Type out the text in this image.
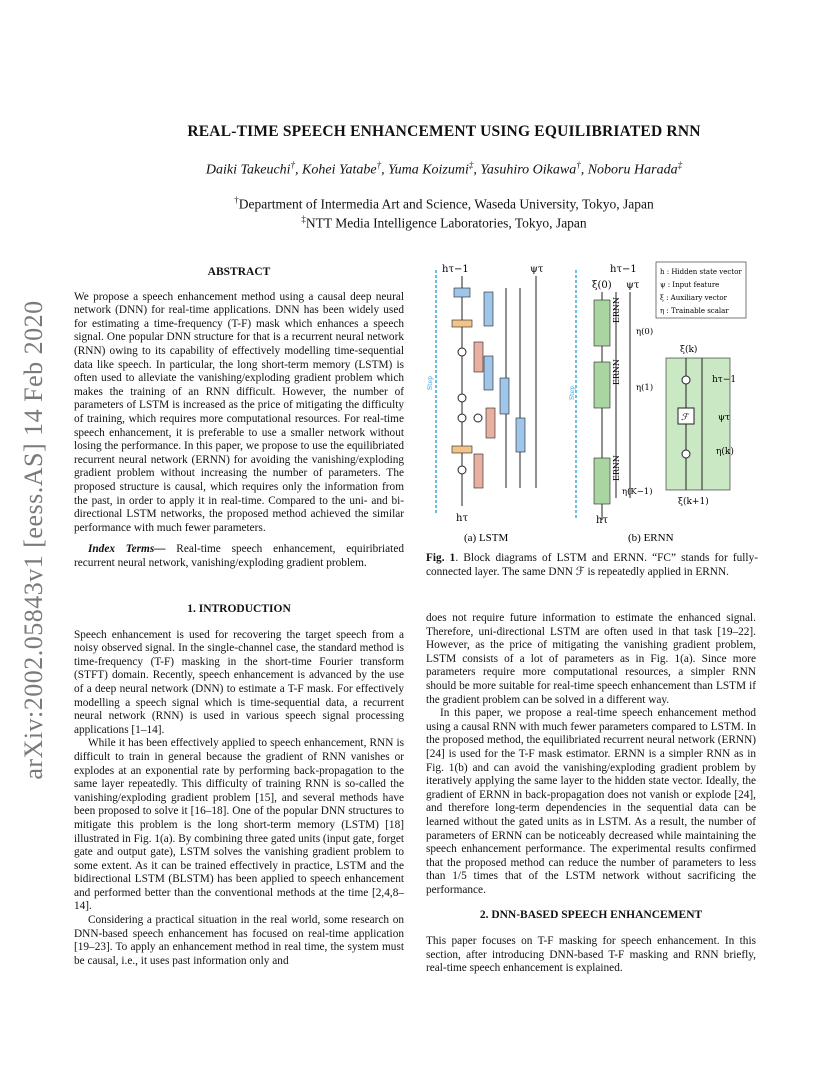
arXiv:2002.05843v1 [eess.AS] 14 Feb 2020
REAL-TIME SPEECH ENHANCEMENT USING EQUILIBRIATED RNN
Daiki Takeuchi†, Kohei Yatabe†, Yuma Koizumi‡, Yasuhiro Oikawa†, Noboru Harada‡
†Department of Intermedia Art and Science, Waseda University, Tokyo, Japan
‡NTT Media Intelligence Laboratories, Tokyo, Japan

ABSTRACT

We propose a speech enhancement method using a causal deep neural network (DNN) for real-time applications. DNN has been widely used for estimating a time-frequency (T-F) mask which enhances a speech signal. One popular DNN structure for that is a recurrent neural network (RNN) owing to its capability of effectively modelling time-sequential data like speech. In particular, the long short-term memory (LSTM) is often used to alleviate the vanishing/exploding gradient problem which makes the training of an RNN difficult. However, the number of parameters of LSTM is increased as the price of mitigating the difficulty of training, which requires more computational resources. For real-time speech enhancement, it is preferable to use a smaller network without losing the performance. In this paper, we propose to use the equilibriated recurrent neural network (ERNN) for avoiding the vanishing/exploding gradient problem without increasing the number of parameters. The proposed structure is causal, which requires only the information from the past, in order to apply it in real-time. Compared to the uni- and bi-directional LSTM networks, the proposed method achieved the similar performance with much fewer parameters.

Index Terms— Real-time speech enhancement, equiribriated recurrent neural network, vanishing/exploding gradient problem.

1. INTRODUCTION

Speech enhancement is used for recovering the target speech from a noisy observed signal. In the single-channel case, the standard method is time-frequency (T-F) masking in the short-time Fourier transform (STFT) domain. Recently, speech enhancement is advanced by the use of a deep neural network (DNN) to estimate a T-F mask. For effectively modelling a speech signal which is time-sequential data, a recurrent neural network (RNN) is used in various speech signal processing applications [1–14].

While it has been effectively applied to speech enhancement, RNN is difficult to train in general because the gradient of RNN vanishes or explodes at an exponential rate by performing back-propagation to the same layer repeatedly. This difficulty of training RNN is so-called the vanishing/exploding gradient problem [15], and several methods have been proposed to solve it [16–18]. One of the popular DNN structures to mitigate this problem is the long short-term memory (LSTM) [18] illustrated in Fig. 1(a). By combining three gated units (input gate, forget gate and output gate), LSTM solves the vanishing gradient problem to some extent. As it can be trained effectively in practice, LSTM and the bidirectional LSTM (BLSTM) has been applied to speech enhancement and performed better than the conventional methods at the time [2,4,8–14].

Considering a practical situation in the real world, some research on DNN-based speech enhancement has focused on real-time application [19–23]. To apply an enhancement method in real time, the system must be causal, i.e., it uses past information only and

Step
hτ−1	ψτ
hτ
Step
hτ−1
ψτ
ξ(0)
ERNN
η(0)
ERNN
η(1)
ERNN
η(K−1)
hτ
h : Hidden state vector
ψ : Input feature
ξ : Auxiliary vector
η : Trainable scalar
ξ(k)
ℱ
hτ−1
ψτ
η(k)
ξ(k+1)
(a) LSTM	(b) ERNN
Fig. 1. Block diagrams of LSTM and ERNN. “FC” stands for fully-connected layer. The same DNN ℱ is repeatedly applied in ERNN.

does not require future information to estimate the enhanced signal. Therefore, uni-directional LSTM are often used in that task [19–22]. However, as the price of mitigating the vanishing gradient problem, LSTM consists of a lot of parameters as in Fig. 1(a). Since more parameters require more computational resources, a simpler RNN should be more suitable for real-time speech enhancement than LSTM if the gradient problem can be solved in a different way.

In this paper, we propose a real-time speech enhancement method using a causal RNN with much fewer parameters compared to LSTM. In the proposed method, the equilibriated recurrent neural network (ERNN) [24] is used for the T-F mask estimator. ERNN is a simpler RNN as in Fig. 1(b) and can avoid the vanishing/exploding gradient problem by iteratively applying the same layer to the hidden state vector. Ideally, the gradient of ERNN in back-propagation does not vanish or explode [24], and therefore long-term dependencies in the sequential data can be learned without the gated units as in LSTM. As a result, the number of parameters of ERNN can be noticeably decreased while maintaining the speech enhancement performance. The experimental results confirmed that the proposed method can reduce the number of parameters to less than 1/5 times that of the LSTM network without sacrificing the performance.

2. DNN-BASED SPEECH ENHANCEMENT

This paper focuses on T-F masking for speech enhancement. In this section, after introducing DNN-based T-F masking and RNN briefly, real-time speech enhancement is explained.
